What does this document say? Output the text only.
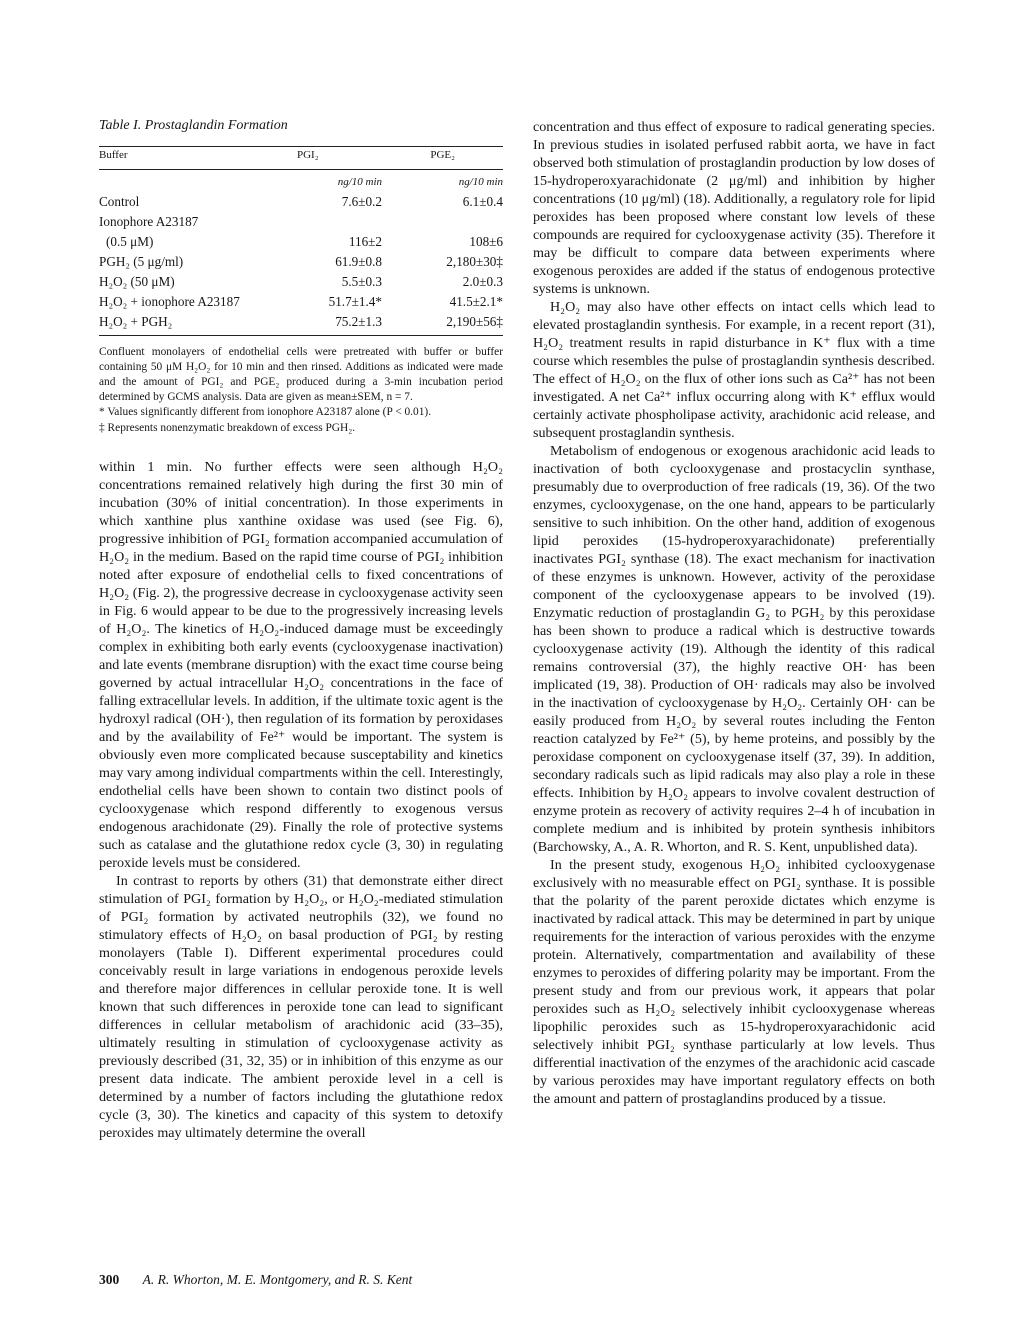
Table I. Prostaglandin Formation
Buffer	PGI₂	PGE₂
	ng/10 min	ng/10 min
Control	7.6±0.2	6.1±0.4
Ionophore A23187		
(0.5 μM)	116±2	108±6
PGH₂ (5 μg/ml)	61.9±0.8	2,180±30‡
H₂O₂ (50 μM)	5.5±0.3	2.0±0.3
H₂O₂ + ionophore A23187	51.7±1.4*	41.5±2.1*
H₂O₂ + PGH₂	75.2±1.3	2,190±56‡

Confluent monolayers of endothelial cells were pretreated with buffer or buffer containing 50 μM H₂O₂ for 10 min and then rinsed. Additions as indicated were made and the amount of PGI₂ and PGE₂ produced during a 3-min incubation period determined by GCMS analysis. Data are given as mean±SEM, n = 7.

* Values significantly different from ionophore A23187 alone (P < 0.01).

‡ Represents nonenzymatic breakdown of excess PGH₂.

within 1 min. No further effects were seen although H₂O₂ concentrations remained relatively high during the first 30 min of incubation (30% of initial concentration). In those experiments in which xanthine plus xanthine oxidase was used (see Fig. 6), progressive inhibition of PGI₂ formation accompanied accumulation of H₂O₂ in the medium. Based on the rapid time course of PGI₂ inhibition noted after exposure of endothelial cells to fixed concentrations of H₂O₂ (Fig. 2), the progressive decrease in cyclooxygenase activity seen in Fig. 6 would appear to be due to the progressively increasing levels of H₂O₂. The kinetics of H₂O₂-induced damage must be exceedingly complex in exhibiting both early events (cyclooxygenase inactivation) and late events (membrane disruption) with the exact time course being governed by actual intracellular H₂O₂ concentrations in the face of falling extracellular levels. In addition, if the ultimate toxic agent is the hydroxyl radical (OH·), then regulation of its formation by peroxidases and by the availability of Fe²⁺ would be important. The system is obviously even more complicated because susceptability and kinetics may vary among individual compartments within the cell. Interestingly, endothelial cells have been shown to contain two distinct pools of cyclooxygenase which respond differently to exogenous versus endogenous arachidonate (29). Finally the role of protective systems such as catalase and the glutathione redox cycle (3, 30) in regulating peroxide levels must be considered.

In contrast to reports by others (31) that demonstrate either direct stimulation of PGI₂ formation by H₂O₂, or H₂O₂-mediated stimulation of PGI₂ formation by activated neutrophils (32), we found no stimulatory effects of H₂O₂ on basal production of PGI₂ by resting monolayers (Table I). Different experimental procedures could conceivably result in large variations in endogenous peroxide levels and therefore major differences in cellular peroxide tone. It is well known that such differences in peroxide tone can lead to significant differences in cellular metabolism of arachidonic acid (33–35), ultimately resulting in stimulation of cyclooxygenase activity as previously described (31, 32, 35) or in inhibition of this enzyme as our present data indicate. The ambient peroxide level in a cell is determined by a number of factors including the glutathione redox cycle (3, 30). The kinetics and capacity of this system to detoxify peroxides may ultimately determine the overall

concentration and thus effect of exposure to radical generating species. In previous studies in isolated perfused rabbit aorta, we have in fact observed both stimulation of prostaglandin production by low doses of 15-hydroperoxyarachidonate (2 μg/ml) and inhibition by higher concentrations (10 μg/ml) (18). Additionally, a regulatory role for lipid peroxides has been proposed where constant low levels of these compounds are required for cyclooxygenase activity (35). Therefore it may be difficult to compare data between experiments where exogenous peroxides are added if the status of endogenous protective systems is unknown.

H₂O₂ may also have other effects on intact cells which lead to elevated prostaglandin synthesis. For example, in a recent report (31), H₂O₂ treatment results in rapid disturbance in K⁺ flux with a time course which resembles the pulse of prostaglandin synthesis described. The effect of H₂O₂ on the flux of other ions such as Ca²⁺ has not been investigated. A net Ca²⁺ influx occurring along with K⁺ efflux would certainly activate phospholipase activity, arachidonic acid release, and subsequent prostaglandin synthesis.

Metabolism of endogenous or exogenous arachidonic acid leads to inactivation of both cyclooxygenase and prostacyclin synthase, presumably due to overproduction of free radicals (19, 36). Of the two enzymes, cyclooxygenase, on the one hand, appears to be particularly sensitive to such inhibition. On the other hand, addition of exogenous lipid peroxides (15-hydroperoxyarachidonate) preferentially inactivates PGI₂ synthase (18). The exact mechanism for inactivation of these enzymes is unknown. However, activity of the peroxidase component of the cyclooxygenase appears to be involved (19). Enzymatic reduction of prostaglandin G₂ to PGH₂ by this peroxidase has been shown to produce a radical which is destructive towards cyclooxygenase activity (19). Although the identity of this radical remains controversial (37), the highly reactive OH· has been implicated (19, 38). Production of OH· radicals may also be involved in the inactivation of cyclooxygenase by H₂O₂. Certainly OH· can be easily produced from H₂O₂ by several routes including the Fenton reaction catalyzed by Fe²⁺ (5), by heme proteins, and possibly by the peroxidase component on cyclooxygenase itself (37, 39). In addition, secondary radicals such as lipid radicals may also play a role in these effects. Inhibition by H₂O₂ appears to involve covalent destruction of enzyme protein as recovery of activity requires 2–4 h of incubation in complete medium and is inhibited by protein synthesis inhibitors (Barchowsky, A., A. R. Whorton, and R. S. Kent, unpublished data).

In the present study, exogenous H₂O₂ inhibited cyclooxygenase exclusively with no measurable effect on PGI₂ synthase. It is possible that the polarity of the parent peroxide dictates which enzyme is inactivated by radical attack. This may be determined in part by unique requirements for the interaction of various peroxides with the enzyme protein. Alternatively, compartmentation and availability of these enzymes to peroxides of differing polarity may be important. From the present study and from our previous work, it appears that polar peroxides such as H₂O₂ selectively inhibit cyclooxygenase whereas lipophilic peroxides such as 15-hydroperoxyarachidonic acid selectively inhibit PGI₂ synthase particularly at low levels. Thus differential inactivation of the enzymes of the arachidonic acid cascade by various peroxides may have important regulatory effects on both the amount and pattern of prostaglandins produced by a tissue.

300 A. R. Whorton, M. E. Montgomery, and R. S. Kent
